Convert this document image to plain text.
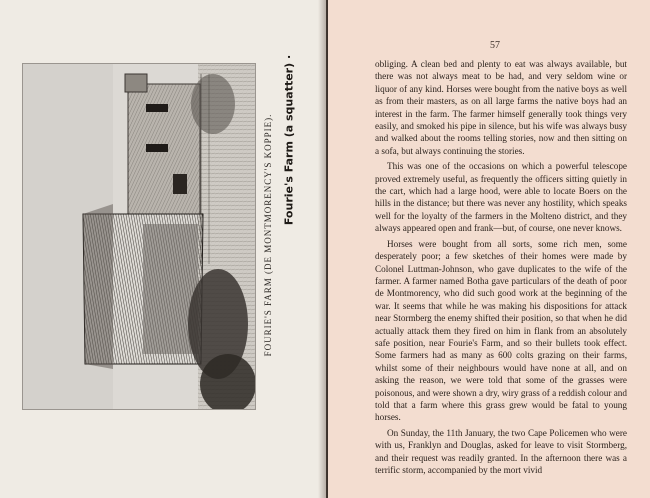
FOURIE'S FARM (DE MONTMORENCY'S KOPPIE). Fourie's Farm (a squatter) ·
57

obliging. A clean bed and plenty to eat was always available, but there was not always meat to be had, and very seldom wine or liquor of any kind. Horses were bought from the native boys as well as from their masters, as on all large farms the native boys had an interest in the farm. The farmer himself generally took things very easily, and smoked his pipe in silence, but his wife was always busy and walked about the rooms telling stories, now and then sitting on a sofa, but always continuing the stories.

This was one of the occasions on which a powerful telescope proved extremely useful, as frequently the officers sitting quietly in the cart, which had a large hood, were able to locate Boers on the hills in the distance; but there was never any hostility, which speaks well for the loyalty of the farmers in the Molteno district, and they always appeared open and frank—but, of course, one never knows.

Horses were bought from all sorts, some rich men, some desperately poor; a few sketches of their homes were made by Colonel Luttman-Johnson, who gave duplicates to the wife of the farmer. A farmer named Botha gave particulars of the death of poor de Montmorency, who did such good work at the beginning of the war. It seems that while he was making his dispositions for attack near Stormberg the enemy shifted their position, so that when he did actually attack them they fired on him in flank from an absolutely safe position, near Fourie's Farm, and so their bullets took effect. Some farmers had as many as 600 colts grazing on their farms, whilst some of their neighbours would have none at all, and on asking the reason, we were told that some of the grasses were poisonous, and were shown a dry, wiry grass of a reddish colour and told that a farm where this grass grew would be fatal to young horses.

On Sunday, the 11th January, the two Cape Policemen who were with us, Franklyn and Douglas, asked for leave to visit Stormberg, and their request was readily granted. In the afternoon there was a terrific storm, accompanied by the mort vivid
